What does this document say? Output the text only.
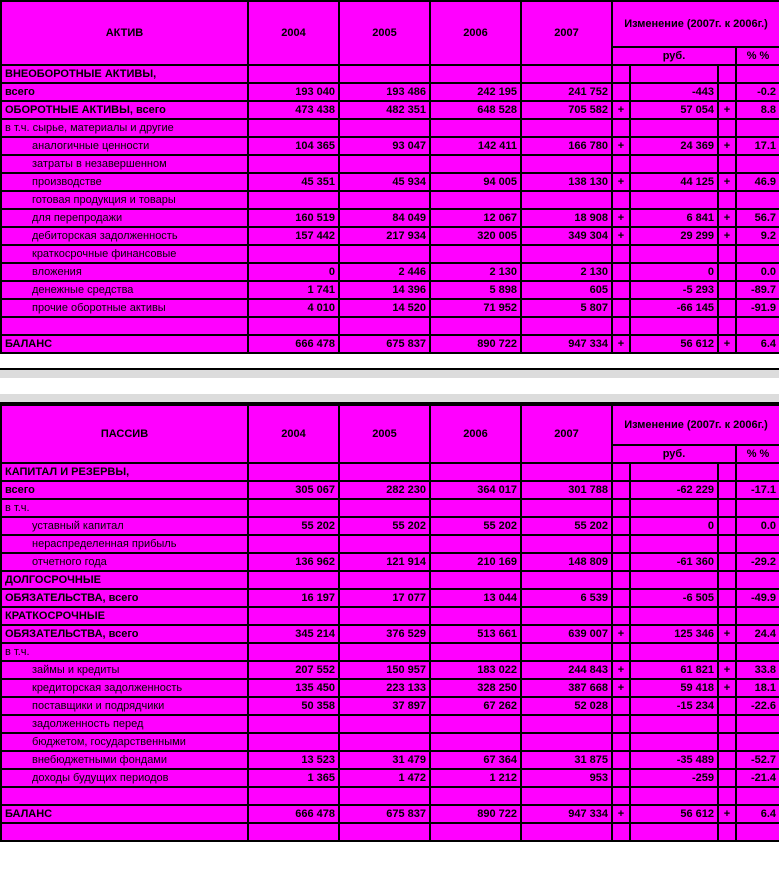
АКТИВ	2004	2005	2006	2007	Изменение (2007г. к 2006г.)			
					руб.			% %
ВНЕОБОРОТНЫЕ АКТИВЫ,								
всего	193 040	193 486	242 195	241 752		-443		-0.2
ОБОРОТНЫЕ АКТИВЫ, всего	473 438	482 351	648 528	705 582	+	57 054	+	8.8
в т.ч. сырье, материалы и другие								
аналогичные ценности	104 365	93 047	142 411	166 780	+	24 369	+	17.1
затраты в незавершенном								
производстве	45 351	45 934	94 005	138 130	+	44 125	+	46.9
готовая продукция и товары								
для перепродажи	160 519	84 049	12 067	18 908	+	6 841	+	56.7
дебиторская задолженность	157 442	217 934	320 005	349 304	+	29 299	+	9.2
краткосрочные финансовые								
вложения	0	2 446	2 130	2 130		0		0.0
денежные средства	1 741	14 396	5 898	605		-5 293		-89.7
прочие оборотные активы	4 010	14 520	71 952	5 807		-66 145		-91.9

БАЛАНС	666 478	675 837	890 722	947 334	+	56 612	+	6.4
ПАССИВ	2004	2005	2006	2007	Изменение (2007г. к 2006г.)			
					руб.			% %
КАПИТАЛ И РЕЗЕРВЫ,								
всего	305 067	282 230	364 017	301 788		-62 229		-17.1
в т.ч.								
уставный капитал	55 202	55 202	55 202	55 202		0		0.0
нераспределенная прибыль								
отчетного года	136 962	121 914	210 169	148 809		-61 360		-29.2
ДОЛГОСРОЧНЫЕ								
ОБЯЗАТЕЛЬСТВА, всего	16 197	17 077	13 044	6 539		-6 505		-49.9
КРАТКОСРОЧНЫЕ								
ОБЯЗАТЕЛЬСТВА, всего	345 214	376 529	513 661	639 007	+	125 346	+	24.4
в т.ч.								
займы и кредиты	207 552	150 957	183 022	244 843	+	61 821	+	33.8
кредиторская задолженность	135 450	223 133	328 250	387 668	+	59 418	+	18.1
поставщики и подрядчики	50 358	37 897	67 262	52 028		-15 234		-22.6
задолженность перед								
бюджетом, государственными								
внебюджетными фондами	13 523	31 479	67 364	31 875		-35 489		-52.7
доходы будущих периодов	1 365	1 472	1 212	953		-259		-21.4

БАЛАНС	666 478	675 837	890 722	947 334	+	56 612	+	6.4
